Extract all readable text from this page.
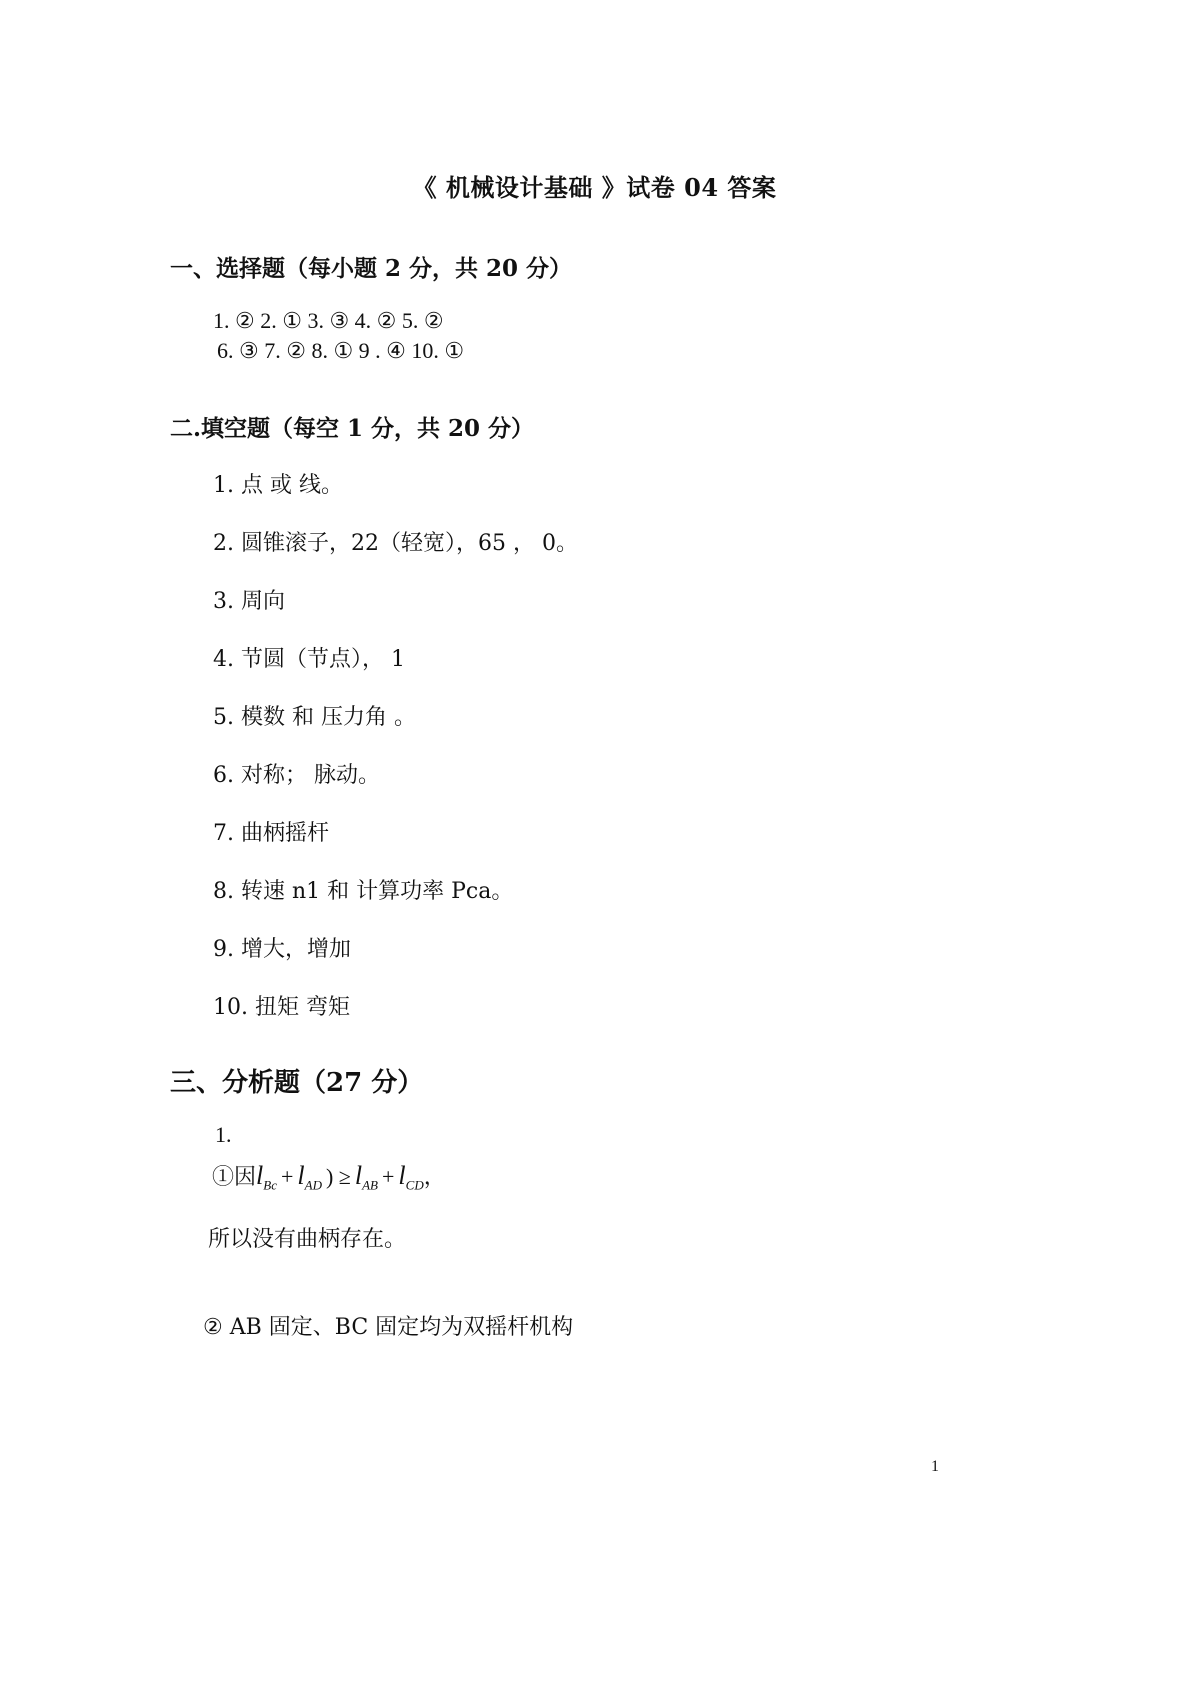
《 机械设计基础 》试卷 04 答案
一、选择题（每小题 2 分，共 20 分）
1. ② 2. ① 3. ③ 4. ② 5. ②
6. ③ 7. ② 8. ① 9 . ④ 10. ①
二.填空题（每空 1 分，共 20 分）
1. 点 或 线。
2. 圆锥滚子，22（轻宽），65 ， 0。
3. 周向
4. 节圆（节点）， 1
5. 模数 和 压力角 。
6. 对称； 脉动。
7. 曲柄摇杆
8. 转速 n1 和 计算功率 Pca。
9. 增大，增加
10. 扭矩 弯矩
三、分析题（27 分）
1.
①因$l_{Bc} + l_{AD}$ ) ≥ $l_{AB} + l_{CD}$，
所以没有曲柄存在。
② AB 固定、BC 固定均为双摇杆机构
1
